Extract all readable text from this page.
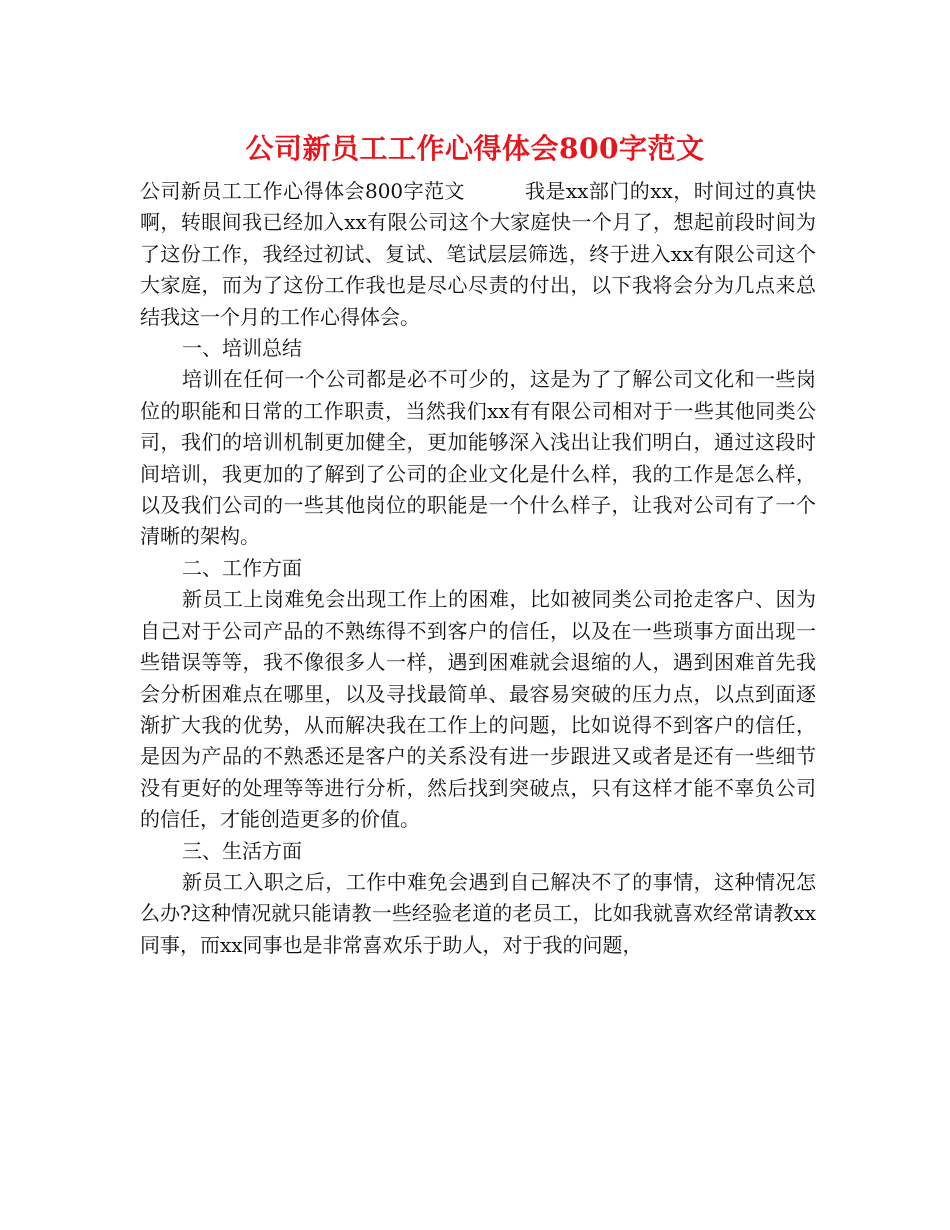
公司新员工工作心得体会800字范文

公司新员工工作心得体会800字范文	我是xx部门的xx，时间过的真快啊，转眼间我已经加入xx有限公司这个大家庭快一个月了，想起前段时间为了这份工作，我经过初试、复试、笔试层层筛选，终于进入xx有限公司这个大家庭，而为了这份工作我也是尽心尽责的付出，以下我将会分为几点来总结我这一个月的工作心得体会。

一、培训总结

培训在任何一个公司都是必不可少的，这是为了了解公司文化和一些岗位的职能和日常的工作职责，当然我们xx有有限公司相对于一些其他同类公司，我们的培训机制更加健全，更加能够深入浅出让我们明白，通过这段时间培训，我更加的了解到了公司的企业文化是什么样，我的工作是怎么样，以及我们公司的一些其他岗位的职能是一个什么样子，让我对公司有了一个清晰的架构。

二、工作方面

新员工上岗难免会出现工作上的困难，比如被同类公司抢走客户、因为自己对于公司产品的不熟练得不到客户的信任，以及在一些琐事方面出现一些错误等等，我不像很多人一样，遇到困难就会退缩的人，遇到困难首先我会分析困难点在哪里，以及寻找最简单、最容易突破的压力点，以点到面逐渐扩大我的优势，从而解决我在工作上的问题，比如说得不到客户的信任，是因为产品的不熟悉还是客户的关系没有进一步跟进又或者是还有一些细节没有更好的处理等等进行分析，然后找到突破点，只有这样才能不辜负公司的信任，才能创造更多的价值。

三、生活方面

新员工入职之后，工作中难免会遇到自己解决不了的事情，这种情况怎么办?这种情况就只能请教一些经验老道的老员工，比如我就喜欢经常请教xx同事，而xx同事也是非常喜欢乐于助人，对于我的问题，
